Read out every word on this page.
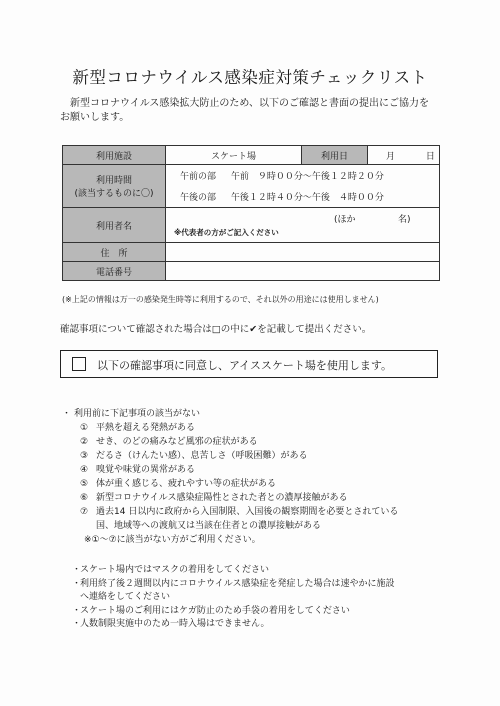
新型コロナウイルス感染症対策チェックリスト
新型コロナウイルス感染拡大防止のため、以下のご確認と書面の提出にご協力を
お願いします。
利用施設	スケート場	利用日	月 日

利用時間
(該当するものに〇)	午前の部 午前　９時００分～午後１２時２０分		
	午後の部 午後１２時４０分～午後　４時００分		
利用者名	(ほか 名)
※代表者の方がご記入ください		

住　所			
電話番号			
(※上記の情報は万一の感染発生時等に利用するので、それ以外の用途には使用しません)
確認事項について確認された場合は□の中に✔を記載して提出ください。
以下の確認事項に同意し、アイススケート場を使用します。
・ 利用前に下記事項の該当がない
① 平熱を超える発熱がある
② せき、のどの痛みなど風邪の症状がある
③ だるさ（けんたい感）、息苦しさ（呼吸困難）がある
④ 嗅覚や味覚の異常がある
⑤ 体が重く感じる、疲れやすい等の症状がある
⑥ 新型コロナウイルス感染症陽性とされた者との濃厚接触がある
⑦ 過去14 日以内に政府から入国制限、入国後の観察期間を必要とされている
国、地域等への渡航又は当該在住者との濃厚接触がある
※①～⑦に該当がない方がご利用ください。
・
スケート場内ではマスクの着用をしてください
・
利用終了後２週間以内にコロナウイルス感染症を発症した場合は速やかに施設
へ連絡をしてください
・
スケート場のご利用にはケガ防止のため手袋の着用をしてください
・
人数制限実施中のため一時入場はできません。
